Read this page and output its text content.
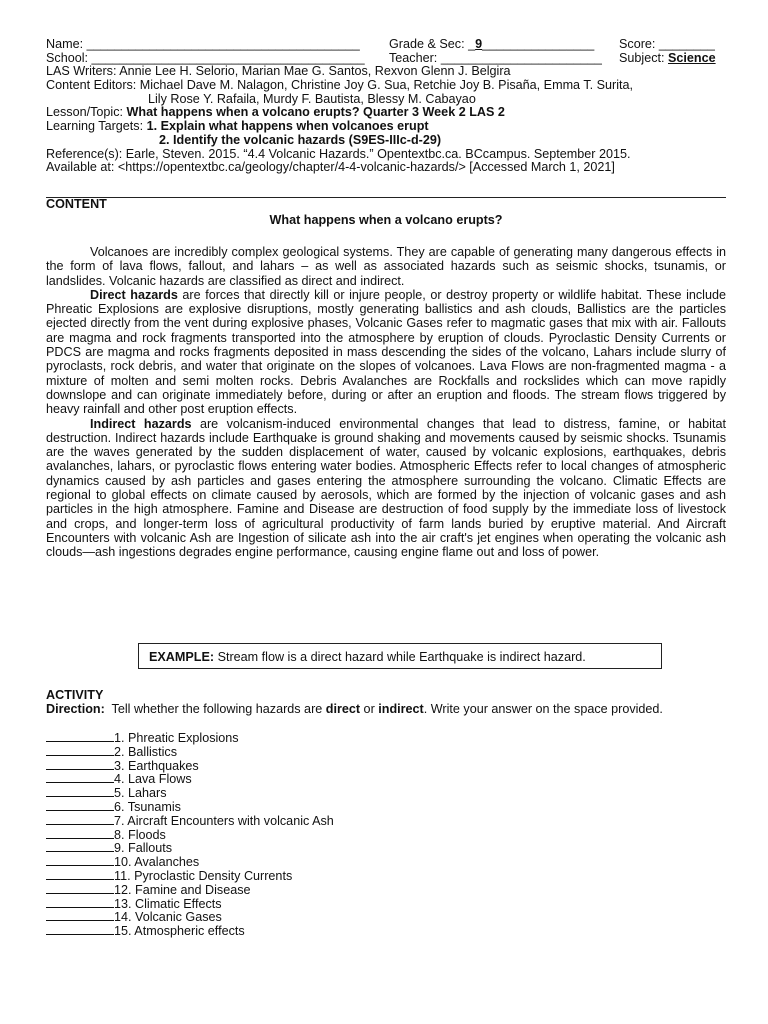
Name: _______________________________________ Grade & Sec: _9________________ Score: ________
School: _______________________________________ Teacher: _______________________ Subject: Science
LAS Writers: Annie Lee H. Selorio, Marian Mae G. Santos, Rexvon Glenn J. Belgira
Content Editors: Michael Dave M. Nalagon, Christine Joy G. Sua, Retchie Joy B. Pisaña, Emma T. Surita,
Lily Rose Y. Rafaila, Murdy F. Bautista, Blessy M. Cabayao
Lesson/Topic: What happens when a volcano erupts? Quarter 3 Week 2 LAS 2
Learning Targets: 1. Explain what happens when volcanoes erupt
2. Identify the volcanic hazards (S9ES-IIIc-d-29)
Reference(s): Earle, Steven. 2015. “4.4 Volcanic Hazards.” Opentextbc.ca. BCcampus. September 2015.
Available at: <https://opentextbc.ca/geology/chapter/4-4-volcanic-hazards/> [Accessed March 1, 2021]
CONTENT
What happens when a volcano erupts?

Volcanoes are incredibly complex geological systems. They are capable of generating many dangerous effects in the form of lava flows, fallout, and lahars – as well as associated hazards such as seismic shocks, tsunamis, or landslides. Volcanic hazards are classified as direct and indirect.

Direct hazards are forces that directly kill or injure people, or destroy property or wildlife habitat. These include Phreatic Explosions are explosive disruptions, mostly generating ballistics and ash clouds, Ballistics are the particles ejected directly from the vent during explosive phases, Volcanic Gases refer to magmatic gases that mix with air. Fallouts are magma and rock fragments transported into the atmosphere by eruption of clouds. Pyroclastic Density Currents or PDCS are magma and rocks fragments deposited in mass descending the sides of the volcano, Lahars include slurry of pyroclasts, rock debris, and water that originate on the slopes of volcanoes. Lava Flows are non-fragmented magma - a mixture of molten and semi molten rocks. Debris Avalanches are Rockfalls and rockslides which can move rapidly downslope and can originate immediately before, during or after an eruption and floods. The stream flows triggered by heavy rainfall and other post eruption effects.

Indirect hazards are volcanism-induced environmental changes that lead to distress, famine, or habitat destruction. Indirect hazards include Earthquake is ground shaking and movements caused by seismic shocks. Tsunamis are the waves generated by the sudden displacement of water, caused by volcanic explosions, earthquakes, debris avalanches, lahars, or pyroclastic flows entering water bodies. Atmospheric Effects refer to local changes of atmospheric dynamics caused by ash particles and gases entering the atmosphere surrounding the volcano. Climatic Effects are regional to global effects on climate caused by aerosols, which are formed by the injection of volcanic gases and ash particles in the high atmosphere. Famine and Disease are destruction of food supply by the immediate loss of livestock and crops, and longer-term loss of agricultural productivity of farm lands buried by eruptive material. And Aircraft Encounters with volcanic Ash are Ingestion of silicate ash into the air craft's jet engines when operating the volcanic ash clouds—ash ingestions degrades engine performance, causing engine flame out and loss of power.

EXAMPLE: Stream flow is a direct hazard while Earthquake is indirect hazard.
ACTIVITY
Direction:  Tell whether the following hazards are direct or indirect. Write your answer on the space provided.
1. Phreatic Explosions
2. Ballistics
3. Earthquakes
4. Lava Flows
5. Lahars
6. Tsunamis
7. Aircraft Encounters with volcanic Ash
8. Floods
9. Fallouts
10. Avalanches
11. Pyroclastic Density Currents
12. Famine and Disease
13. Climatic Effects
14. Volcanic Gases
15. Atmospheric effects
